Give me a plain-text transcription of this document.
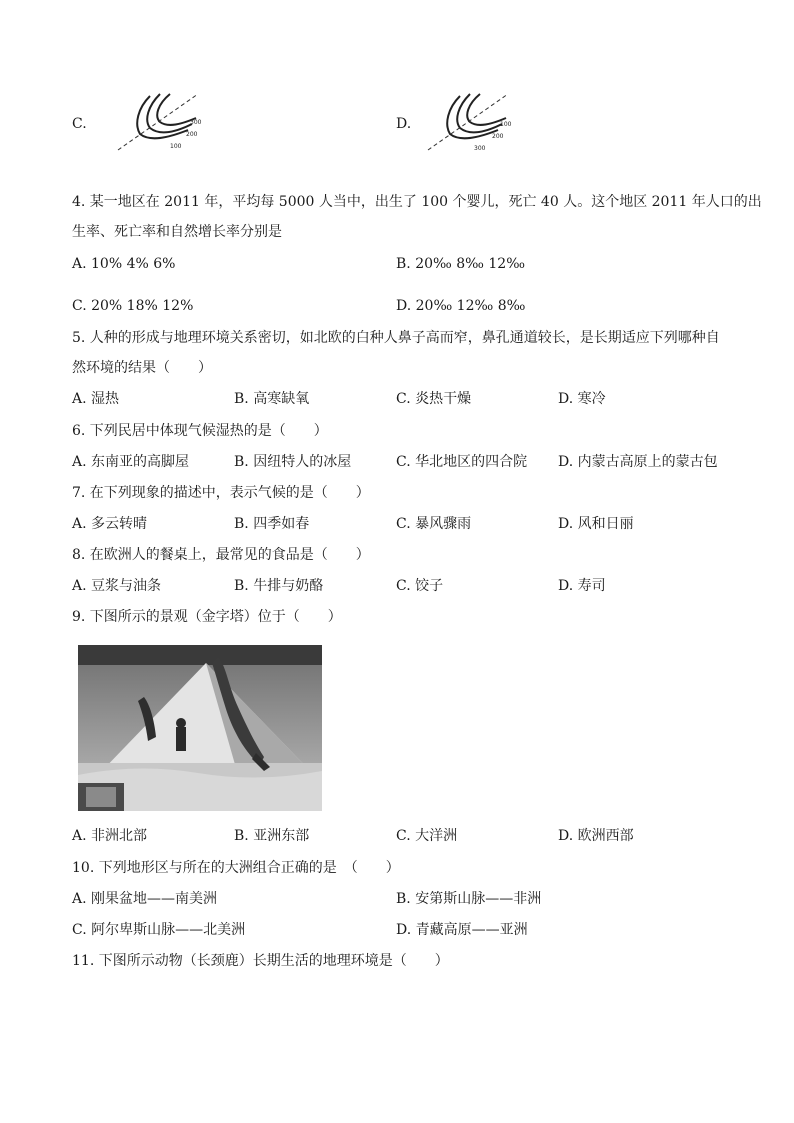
C.	300
200
100
D.	100
200
300
4. 某一地区在 2011 年，平均每 5000 人当中，出生了 100 个婴儿，死亡 40 人。这个地区 2011 年人口的出
生率、死亡率和自然增长率分别是
A. 10% 4% 6%	B. 20‰ 8‰ 12‰
C. 20% 18% 12%	D. 20‰ 12‰ 8‰
5. 人种的形成与地理环境关系密切，如北欧的白种人鼻子高而窄，鼻孔通道较长，是长期适应下列哪种自
然环境的结果（　　）
A. 湿热	B. 高寒缺氧	C. 炎热干燥	D. 寒冷
6. 下列民居中体现气候湿热的是（　　）
A. 东南亚的高脚屋	B. 因纽特人的冰屋	C. 华北地区的四合院 D. 内蒙古高原上的蒙古包
7. 在下列现象的描述中，表示气候的是（　　）
A. 多云转晴	B. 四季如春	C. 暴风骤雨	D. 风和日丽
8. 在欧洲人的餐桌上，最常见的食品是（　　）
A. 豆浆与油条	B. 牛排与奶酪	C. 饺子	D. 寿司
9. 下图所示的景观（金字塔）位于（　　）
A. 非洲北部	B. 亚洲东部	C. 大洋洲	D. 欧洲西部
10. 下列地形区与所在的大洲组合正确的是　（　　）
A. 刚果盆地——南美洲	B. 安第斯山脉——非洲
C. 阿尔卑斯山脉——北美洲	D. 青藏高原——亚洲
11. 下图所示动物（长颈鹿）长期生活的地理环境是（　　）
